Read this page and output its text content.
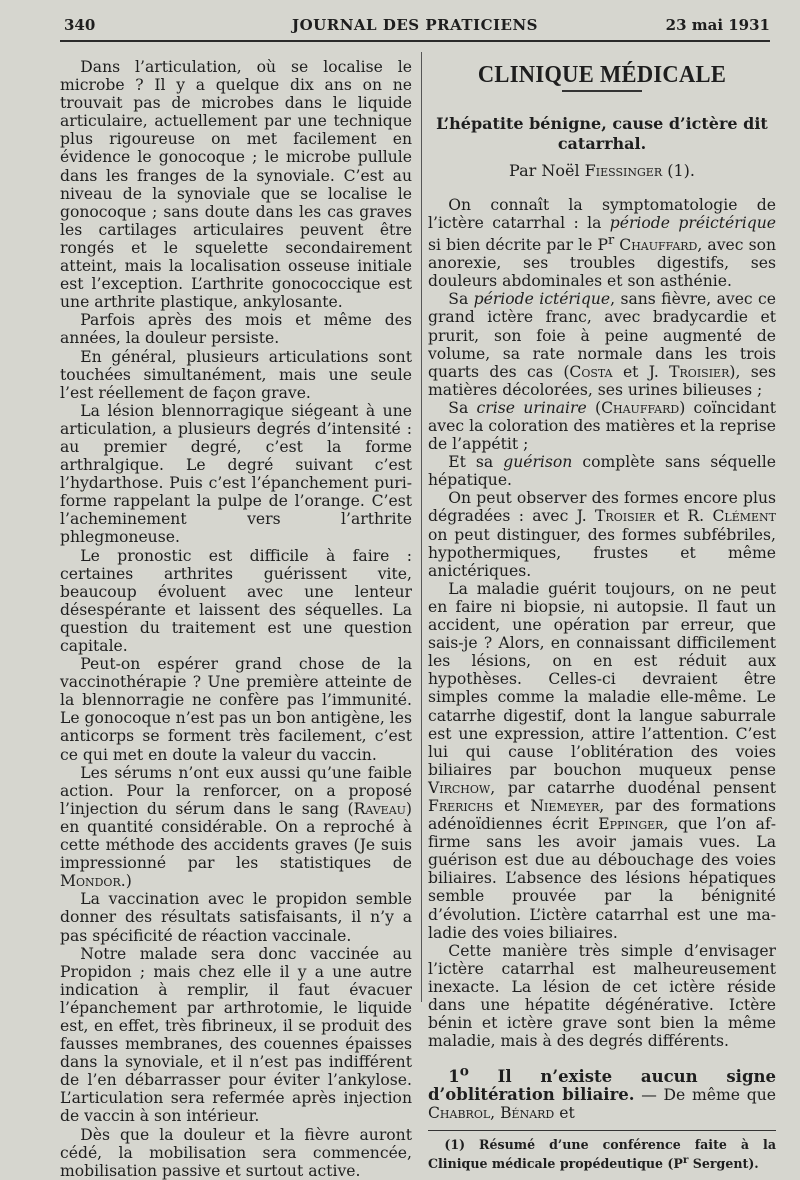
340	JOURNAL DES PRATICIENS	23 mai 1931

Dans l’articulation, où se localise le microbe ? Il y a quelque dix ans on ne trouvait pas de microbes dans le liquide articulaire, actuellement par une technique plus rigoureuse on met facilement en évidence le gonocoque ; le microbe pullule dans les franges de la synoviale. C’est au niveau de la synoviale que se localise le gonocoque ; sans doute dans les cas graves les cartilages articulaires peuvent être rongés et le squelette secondairement atteint, mais la localisation osseuse initiale est l’exception. L’arthrite gonococcique est une arthrite plastique, ankylosante.

Parfois après des mois et même des années, la douleur persiste.

En général, plusieurs articulations sont touchées simultanément, mais une seule l’est réellement de façon grave.

La lésion blennorragique siégeant à une articulation, a plusieurs degrés d’intensité : au premier degré, c’est la forme arthralgique. Le degré suivant c’est l’hydarthose. Puis c’est l’épanchement puriforme rappelant la pulpe de l’orange. C’est l’acheminement vers l’arthrite phlegmoneuse.

Le pronostic est difficile à faire : certaines arthrites guérissent vite, beaucoup évoluent avec une lenteur désespérante et laissent des séquelles. La question du traitement est une question capitale.

Peut-on espérer grand chose de la vaccinothérapie ? Une première atteinte de la blennorragie ne confère pas l’immunité. Le gonocoque n’est pas un bon antigène, les anticorps se forment très facilement, c’est ce qui met en doute la valeur du vaccin.

Les sérums n’ont eux aussi qu’une faible action. Pour la renforcer, on a proposé l’injection du sérum dans le sang (Raveau) en quantité considérable. On a reproché à cette méthode des accidents graves (Je suis impressionné par les statistiques de Mondor.)

La vaccination avec le propidon semble donner des résultats satisfaisants, il n’y a pas spécificité de réaction vaccinale.

Notre malade sera donc vaccinée au Propidon ; mais chez elle il y a une autre indication à remplir, il faut évacuer l’épanchement par arthrotomie, le liquide est, en effet, très fibrineux, il se produit des fausses membranes, des couennes épaisses dans la synoviale, et il n’est pas indifférent de l’en débarrasser pour éviter l’ankylose. L’articulation sera refermée après injection de vaccin à son intérieur.

Dès que la douleur et la fièvre auront cédé, la mobilisation sera commencée, mobilisation passive et surtout active.

CLINIQUE MÉDICALE
L’hépatite bénigne, cause d’ictère dit catarrhal.
Par Noël Fiessinger (1).

On connaît la symptomatologie de l’ictère catarrhal : la période préictérique si bien décrite par le $P^r$ Chauffard, avec son anorexie, ses troubles digestifs, ses douleurs abdominales et son asthénie.

Sa période ictérique, sans fièvre, avec ce grand ictère franc, avec bradycardie et prurit, son foie à peine augmenté de volume, sa rate normale dans les trois quarts des cas (Costa et J. Troisier), ses matières décolorées, ses urines bilieuses ;

Sa crise urinaire (Chauffard) coïncidant avec la coloration des matières et la reprise de l’appétit ;

Et sa guérison complète sans séquelle hépatique.

On peut observer des formes encore plus dégradées : avec J. Troisier et R. Clément on peut distinguer, des formes subfébriles, hypothermiques, frustes et même anictériques.

La maladie guérit toujours, on ne peut en faire ni biopsie, ni autopsie. Il faut un accident, une opération par erreur, que sais-je ? Alors, en connaissant difficilement les lésions, on en est réduit aux hypothèses. Celles-ci devraient être simples comme la maladie elle-même. Le catarrhe digestif, dont la langue saburrale est une expression, attire l’attention. C’est lui qui cause l’oblitération des voies biliaires par bouchon muqueux pense Virchow, par catarrhe duodénal pensent Frerichs et Niemeyer, par des formations adénoïdiennes écrit Eppinger, que l’on affirme sans les avoir jamais vues. La guérison est due au débouchage des voies biliaires. L’absence des lésions hépatiques semble prouvée par la bénignité d’évolution. L’ictère catarrhal est une maladie des voies biliaires.

Cette manière très simple d’envisager l’ictère catarrhal est malheureusement inexacte. La lésion de cet ictère réside dans une hépatite dégénérative. Ictère bénin et ictère grave sont bien la même maladie, mais à des degrés différents.

1$^o$ Il n’existe aucun signe d’oblitération biliaire. — De même que Chabrol, Bénard et

(1) Résumé d’une conférence faite à la Clinique médicale propédeutique ($P^r$ Sergent).
